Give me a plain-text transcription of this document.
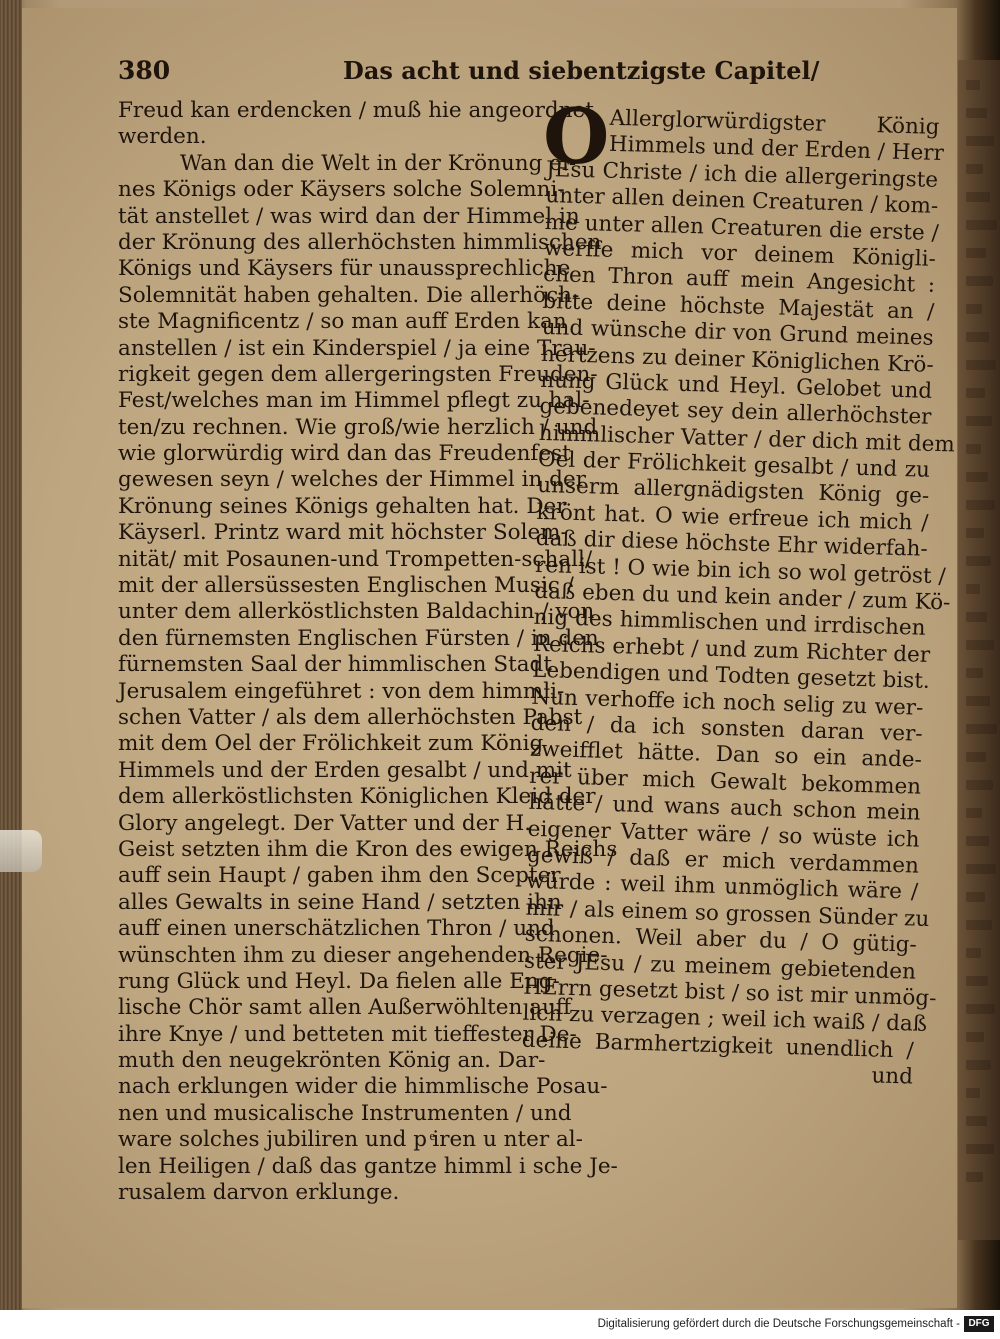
380	Das acht und siebentzigste Capitel/
Freud kan erdencken / muß hie angeordnet
werden.
Wan dan die Welt in der Krönung ei-
nes Königs oder Käysers solche Solemni-
tät anstellet / was wird dan der Himmel in
der Krönung des allerhöchsten himmlischen
Königs und Käysers für unaussprechliche
Solemnität haben gehalten. Die allerhöch-
ste Magnificentz / so man auff Erden kan
anstellen / ist ein Kinderspiel / ja eine Trau-
rigkeit gegen dem allergeringsten Freuden-
Fest/welches man im Himmel pflegt zu hal-
ten/zu rechnen. Wie groß/wie herzlich / und
wie glorwürdig wird dan das Freudenfest
gewesen seyn / welches der Himmel in der
Krönung seines Königs gehalten hat. Der
Käyserl. Printz ward mit höchster Solem-
nität/ mit Posaunen-und Trompetten-schall/
mit der allersüssesten Englischen Music /
unter dem allerköstlichsten Baldachin / von
den fürnemsten Englischen Fürsten / in den
fürnemsten Saal der himmlischen Stadt
Jerusalem eingeführet : von dem himmli-
schen Vatter / als dem allerhöchsten Pabst
mit dem Oel der Frölichkeit zum König
Himmels und der Erden gesalbt / und mit
dem allerköstlichsten Königlichen Kleid der
Glory angelegt. Der Vatter und der H.
Geist setzten ihm die Kron des ewigen Reichs
auff sein Haupt / gaben ihm den Scepter
alles Gewalts in seine Hand / setzten ihn
auff einen unerschätzlichen Thron / und
wünschten ihm zu dieser angehenden Regie-
rung Glück und Heyl. Da fielen alle Eng-
lische Chör samt allen Außerwöhlten auff
ihre Knye / und betteten mit tieffester De-
muth den neugekrönten König an. Dar-
nach erklungen wider die himmlische Posau-
nen und musicalische Instrumenten / und
ware solches jubiliren und p ͤiren u nter al-
len Heiligen / daß das gantze himml i sche Je-
rusalem darvon erklunge.
O
Allerglorwürdigster König
Himmels und der Erden / Herr
JEsu Christe / ich die allergeringste
unter allen deinen Creaturen / kom-
me unter allen Creaturen die erste /
werffe mich vor deinem Königli-
chen Thron auff mein Angesicht :
bitte deine höchste Majestät an /
und wünsche dir von Grund meines
hertzens zu deiner Königlichen Krö-
nung Glück und Heyl. Gelobet und
gebenedeyet sey dein allerhöchster
himmlischer Vatter / der dich mit dem
Oel der Frölichkeit gesalbt / und zu
unserm allergnädigsten König ge-
krönt hat. O wie erfreue ich mich /
daß dir diese höchste Ehr widerfah-
ren ist ! O wie bin ich so wol getröst /
daß eben du und kein ander / zum Kö-
nig des himmlischen und irrdischen
Reichs erhebt / und zum Richter der
Lebendigen und Todten gesetzt bist.
Nun verhoffe ich noch selig zu wer-
den / da ich sonsten daran ver-
zweifflet hätte. Dan so ein ande-
rer über mich Gewalt bekommen
hätte / und wans auch schon mein
eigener Vatter wäre / so wüste ich
gewiß / daß er mich verdammen
würde : weil ihm unmöglich wäre /
mir / als einem so grossen Sünder zu
schonen. Weil aber du / O gütig-
ster JEsu / zu meinem gebietenden
HErrn gesetzt bist / so ist mir unmög-
lich zu verzagen ; weil ich waiß / daß
deine Barmhertzigkeit unendlich /
und
Digitalisierung gefördert durch die Deutsche Forschungsgemeinschaft - DFG
